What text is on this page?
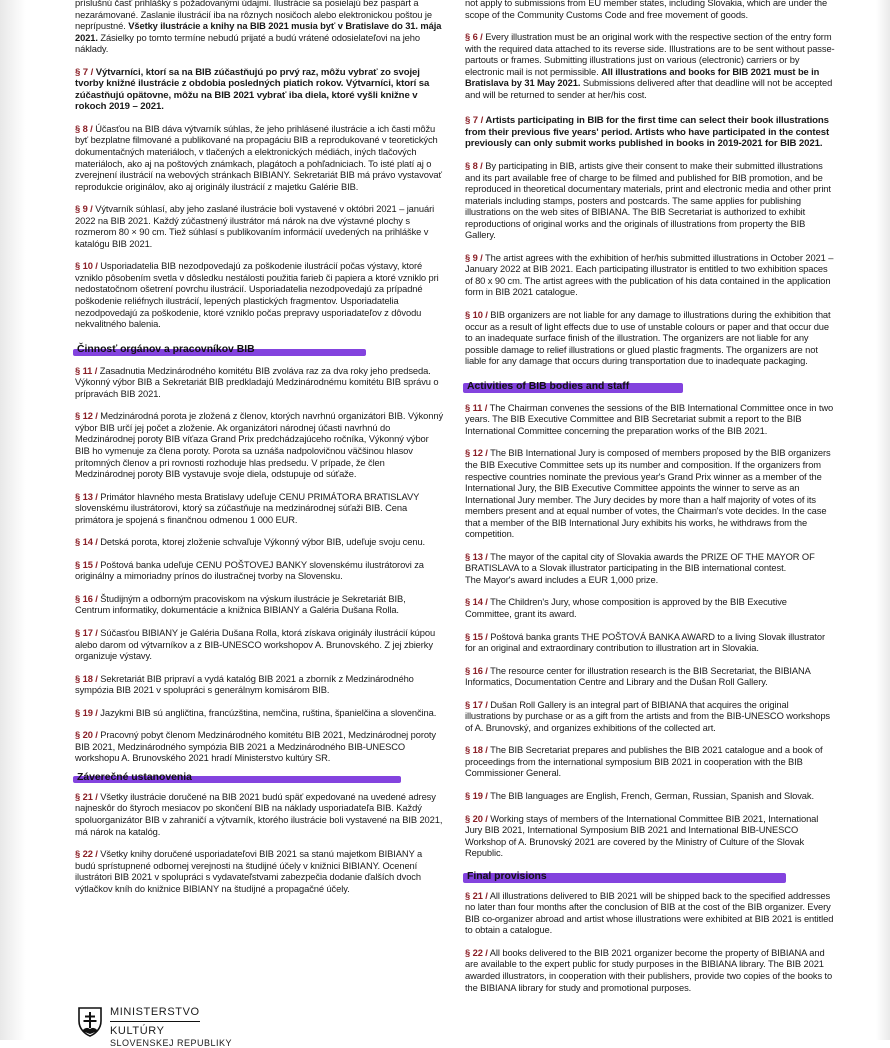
príslušnú časť prihlášky s požadovanými údajmi. Ilustrácie sa posielajú bez paspárt a nezarámované. Zaslanie ilustrácií iba na rôznych nosičoch alebo elektronickou poštou je neprípustné. Všetky ilustrácie a knihy na BIB 2021 musia byť v Bratislave do 31. mája 2021. Zásielky po tomto termíne nebudú prijaté a budú vrátené odosielateľovi na jeho náklady.

§ 7 / Výtvarníci, ktorí sa na BIB zúčastňujú po prvý raz, môžu vybrať zo svojej tvorby knižné ilustrácie z obdobia posledných piatich rokov. Výtvarníci, ktorí sa zúčastňujú opätovne, môžu na BIB 2021 vybrať iba diela, ktoré vyšli knižne v rokoch 2019 – 2021.

§ 8 / Účasťou na BIB dáva výtvarník súhlas, že jeho prihlásené ilustrácie a ich časti môžu byť bezplatne filmované a publikované na propagáciu BIB a reprodukované v teoretických dokumentačných materiáloch, v tlačených a elektronických médiách, iných tlačových materiáloch, ako aj na poštových známkach, plagátoch a pohľadniciach. To isté platí aj o zverejnení ilustrácií na webových stránkach BIBIANY. Sekretariát BIB má právo vystavovať reprodukcie originálov, ako aj originály ilustrácií z majetku Galérie BIB.

§ 9 / Výtvarník súhlasí, aby jeho zaslané ilustrácie boli vystavené v októbri 2021 – januári 2022 na BIB 2021. Každý zúčastnený ilustrátor má nárok na dve výstavné plochy s rozmerom 80 × 90 cm. Tiež súhlasí s publikovaním informácií uvedených na prihláške v katalógu BIB 2021.

§ 10 / Usporiadatelia BIB nezodpovedajú za poškodenie ilustrácií počas výstavy, ktoré vzniklo pôsobením svetla v dôsledku nestálosti použitia farieb či papiera a ktoré vzniklo pri nedostatočnom ošetrení povrchu ilustrácií. Usporiadatelia nezodpovedajú za prípadné poškodenie reliéfnych ilustrácií, lepených plastických fragmentov. Usporiadatelia nezodpovedajú za poškodenie, ktoré vzniklo počas prepravy usporiadateľov z dôvodu nekvalitného balenia.

Činnosť orgánov a pracovníkov BIB

§ 11 / Zasadnutia Medzinárodného komitétu BIB zvoláva raz za dva roky jeho predseda. Výkonný výbor BIB a Sekretariát BIB predkladajú Medzinárodnému komitétu BIB správu o prípravách BIB 2021.

§ 12 / Medzinárodná porota je zložená z členov, ktorých navrhnú organizátori BIB. Výkonný výbor BIB určí jej počet a zloženie. Ak organizátori národnej účasti navrhnú do Medzinárodnej poroty BIB víťaza Grand Prix predchádzajúceho ročníka, Výkonný výbor BIB ho vymenuje za člena poroty. Porota sa uznáša nadpolovičnou väčšinou hlasov prítomných členov a pri rovnosti rozhoduje hlas predsedu. V prípade, že člen Medzinárodnej poroty BIB vystavuje svoje diela, odstupuje od súťaže.

§ 13 / Primátor hlavného mesta Bratislavy udeľuje CENU PRIMÁTORA BRATISLAVY slovenskému ilustrátorovi, ktorý sa zúčastňuje na medzinárodnej súťaži BIB. Cena primátora je spojená s finančnou odmenou 1 000 EUR.

§ 14 / Detská porota, ktorej zloženie schvaľuje Výkonný výbor BIB, udeľuje svoju cenu.

§ 15 / Poštová banka udeľuje CENU POŠTOVEJ BANKY slovenskému ilustrátorovi za originálny a mimoriadny prínos do ilustračnej tvorby na Slovensku.

§ 16 / Študijným a odborným pracoviskom na výskum ilustrácie je Sekretariát BIB, Centrum informatiky, dokumentácie a knižnica BIBIANY a Galéria Dušana Rolla.

§ 17 / Súčasťou BIBIANY je Galéria Dušana Rolla, ktorá získava originály ilustrácií kúpou alebo darom od výtvarníkov a z BIB-UNESCO workshopov A. Brunovského. Z jej zbierky organizuje výstavy.

§ 18 / Sekretariát BIB pripraví a vydá katalóg BIB 2021 a zborník z Medzinárodného sympózia BIB 2021 v spolupráci s generálnym komisárom BIB.

§ 19 / Jazykmi BIB sú angličtina, francúzština, nemčina, ruština, španielčina a slovenčina.

§ 20 / Pracovný pobyt členom Medzinárodného komitétu BIB 2021, Medzinárodnej poroty BIB 2021, Medzinárodného sympózia BIB 2021 a Medzinárodného BIB-UNESCO workshopu A. Brunovského 2021 hradí Ministerstvo kultúry SR.

Záverečné ustanovenia

§ 21 / Všetky ilustrácie doručené na BIB 2021 budú späť expedované na uvedené adresy najneskôr do štyroch mesiacov po skončení BIB na náklady usporiadateľa BIB. Každý spoluorganizátor BIB v zahraničí a výtvarník, ktorého ilustrácie boli vystavené na BIB 2021, má nárok na katalóg.

§ 22 / Všetky knihy doručené usporiadateľovi BIB 2021 sa stanú majetkom BIBIANY a budú sprístupnené odbornej verejnosti na študijné účely v knižnici BIBIANY. Ocenení ilustrátori BIB 2021 v spolupráci s vydavateľstvami zabezpečia dodanie ďalších dvoch výtlačkov kníh do knižnice BIBIANY na študijné a propagačné účely.

not apply to submissions from EU member states, including Slovakia, which are under the scope of the Community Customs Code and free movement of goods.

§ 6 / Every illustration must be an original work with the respective section of the entry form with the required data attached to its reverse side. Illustrations are to be sent without passe-partouts or frames. Submitting illustrations just on various (electronic) carriers or by electronic mail is not permissible. All illustrations and books for BIB 2021 must be in Bratislava by 31 May 2021. Submissions delivered after that deadline will not be accepted and will be returned to sender at her/his cost.

§ 7 / Artists participating in BIB for the first time can select their book illustrations from their previous five years' period. Artists who have participated in the contest previously can only submit works published in books in 2019-2021 for BIB 2021.

§ 8 / By participating in BIB, artists give their consent to make their submitted illustrations and its part available free of charge to be filmed and published for BIB promotion, and be reproduced in theoretical documentary materials, print and electronic media and other print materials including stamps, posters and postcards. The same applies for publishing illustrations on the web sites of BIBIANA. The BIB Secretariat is authorized to exhibit reproductions of original works and the originals of illustrations from property the BIB Gallery.

§ 9 / The artist agrees with the exhibition of her/his submitted illustrations in October 2021 – January 2022 at BIB 2021. Each participating illustrator is entitled to two exhibition spaces of 80 x 90 cm. The artist agrees with the publication of his data contained in the application form in BIB 2021 catalogue.

§ 10 / BIB organizers are not liable for any damage to illustrations during the exhibition that occur as a result of light effects due to use of unstable colours or paper and that occur due to an inadequate surface finish of the illustration. The organizers are not liable for any possible damage to relief illustrations or glued plastic fragments. The organizers are not liable for any damage that occurs during transportation due to inadequate packaging.

Activities of BIB bodies and staff

§ 11 / The Chairman convenes the sessions of the BIB International Committee once in two years. The BIB Executive Committee and BIB Secretariat submit a report to the BIB International Committee concerning the preparation works of the BIB 2021.

§ 12 / The BIB International Jury is composed of members proposed by the BIB organizers the BIB Executive Committee sets up its number and composition. If the organizers from respective countries nominate the previous year's Grand Prix winner as a member of the International Jury, the BIB Executive Committee appoints the winner to serve as an International Jury member. The Jury decides by more than a half majority of votes of its members present and at equal number of votes, the Chairman's vote decides. In the case that a member of the BIB International Jury exhibits his works, he withdraws from the competition.

§ 13 / The mayor of the capital city of Slovakia awards the PRIZE OF THE MAYOR OF BRATISLAVA to a Slovak illustrator participating in the BIB international contest.
The Mayor's award includes a EUR 1,000 prize.

§ 14 / The Children's Jury, whose composition is approved by the BIB Executive Committee, grant its award.

§ 15 / Poštová banka grants THE POŠTOVÁ BANKA AWARD to a living Slovak illustrator for an original and extraordinary contribution to illustration art in Slovakia.

§ 16 / The resource center for illustration research is the BIB Secretariat, the BIBIANA Informatics, Documentation Centre and Library and the Dušan Roll Gallery.

§ 17 / Dušan Roll Gallery is an integral part of BIBIANA that acquires the original illustrations by purchase or as a gift from the artists and from the BIB-UNESCO workshops of A. Brunovský, and organizes exhibitions of the collected art.

§ 18 / The BIB Secretariat prepares and publishes the BIB 2021 catalogue and a book of proceedings from the international symposium BIB 2021 in cooperation with the BIB Commissioner General.

§ 19 / The BIB languages are English, French, German, Russian, Spanish and Slovak.

§ 20 / Working stays of members of the International Committee BIB 2021, International Jury BIB 2021, International Symposium BIB 2021 and International BIB-UNESCO Workshop of A. Brunovský 2021 are covered by the Ministry of Culture of the Slovak Republic.

Final provisions

§ 21 / All illustrations delivered to BIB 2021 will be shipped back to the specified addresses no later than four months after the conclusion of BIB at the cost of the BIB organizer. Every BIB co-organizer abroad and artist whose illustrations were exhibited at BIB 2021 is entitled to obtain a catalogue.

§ 22 / All books delivered to the BIB 2021 organizer become the property of BIBIANA and are available to the expert public for study purposes in the BIBIANA library. The BIB 2021 awarded illustrators, in cooperation with their publishers, provide two copies of the books to the BIBIANA library for study and promotional purposes.

MINISTERSTVO
KULTÚRY
SLOVENSKEJ REPUBLIKY
